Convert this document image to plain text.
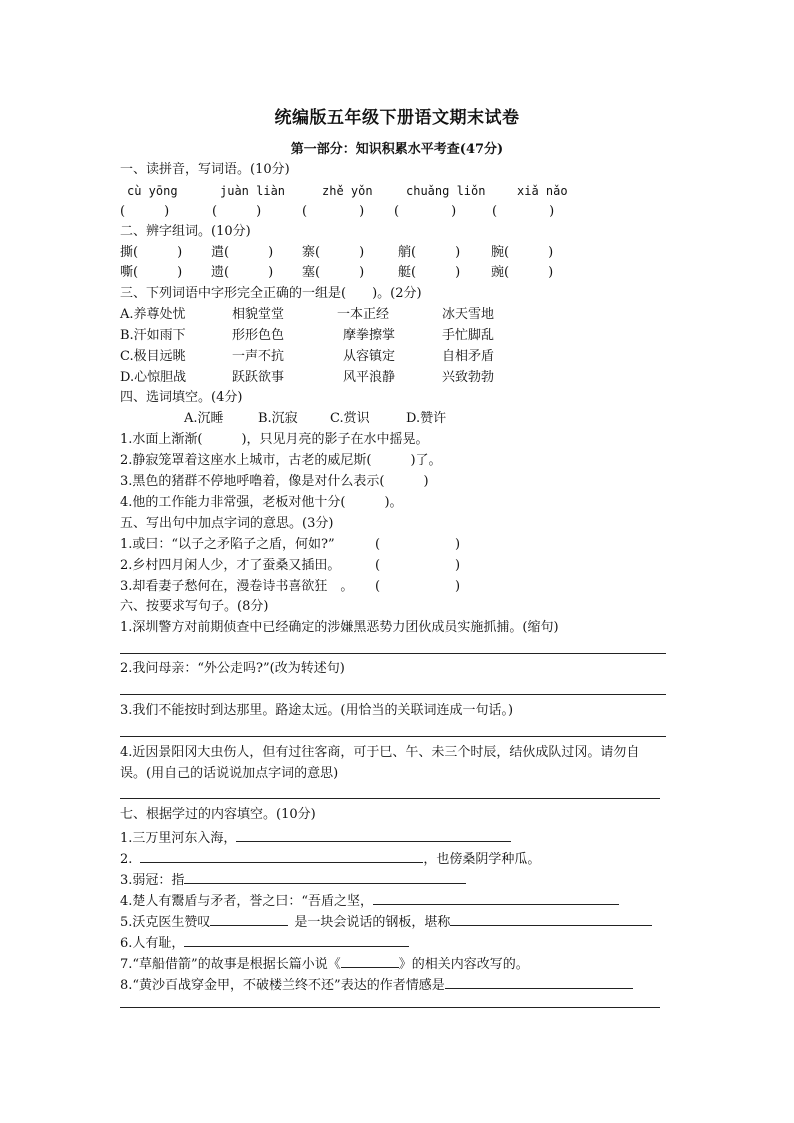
统编版五年级下册语文期末试卷
第一部分：知识积累水平考查(47分)
一、读拼音，写词语。(10分)
cù yōng	juàn liàn	zhě yǒn	chuǎng liǒn	xiǎ nǎo
(　　　)	(　　　)	(　　　　) (　　　　)	(　　　　)
二、辨字组词。(10分)
撕(　　　) 遣(　　　) 寨(　　　)	艄(　　　) 腕(　　　)
嘶(　　　) 遗(　　　) 塞(　　　)	艇(　　　) 豌(　　　)
三、下列词语中字形完全正确的一组是(　　)。(2分)
A.养尊处忧	相貌堂堂	一本正经	冰天雪地
B.汗如雨下	形形色色	摩拳擦掌	手忙脚乱
C.极目远眺	一声不抗	从容镇定	自相矛盾
D.心惊胆战	跃跃欲事	风平浪静	兴致勃勃
四、选词填空。(4分)
A.沉睡	B.沉寂 C.赏识	D.赞许
1.水面上渐渐(　　　)，只见月亮的影子在水中摇晃。
2.静寂笼罩着这座水上城市，古老的威尼斯(　　　)了。
3.黑色的猪群不停地呼噜着，像是对什么表示(　　　)
4.他的工作能力非常强，老板对他十分(　　　)。
五、写出句中加点字词的意思。(3分)
1.或曰：“以子之矛陷子之盾，何如?”	(	)
2.乡村四月闲人少，才了蚕桑又插田。	(	)
3.却看妻子愁何在，漫卷诗书喜欲狂　。 (	)
六、按要求写句子。(8分)
1.深圳警方对前期侦查中已经确定的涉嫌黑恶势力团伙成员实施抓捕。(缩句)
2.我问母亲：“外公走吗?”(改为转述句)
3.我们不能按时到达那里。路途太远。(用恰当的关联词连成一句话。)
4.近因景阳冈大虫伤人，但有过往客商，可于巳、午、未三个时辰，结伙成队过冈。请勿自
误。(用自己的话说说加点字词的意思)
七、根据学过的内容填空。(10分)
1.三万里河东入海，
2.	，也傍桑阴学种瓜。
3.弱冠：指
4.楚人有鬻盾与矛者，誉之曰：“吾盾之坚，
5.沃克医生赞叹	是一块会说话的钢板，堪称
6.人有耻，
7.“草船借箭”的故事是根据长篇小说《	》的相关内容改写的。
8.“黄沙百战穿金甲，不破楼兰终不还”表达的作者情感是
